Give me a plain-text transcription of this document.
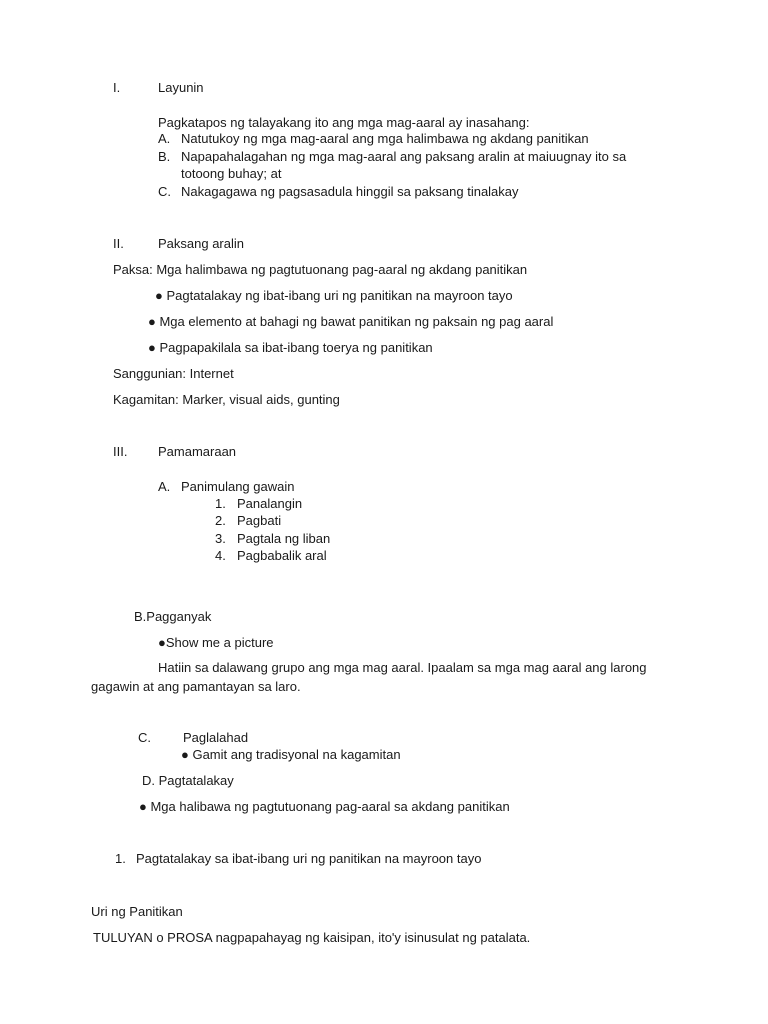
I.	Layunin
Pagkatapos ng talayakang ito ang mga mag-aaral ay inasahang:
A. Natutukoy ng mga mag-aaral ang mga halimbawa ng akdang panitikan
B. Napapahalagahan ng mga mag-aaral ang paksang aralin at maiuugnay ito sa
totoong buhay; at
C. Nakagagawa ng pagsasadula hinggil sa paksang tinalakay
II.	Paksang aralin
Paksa: Mga halimbawa ng pagtutuonang pag-aaral ng akdang panitikan
● Pagtatalakay ng ibat-ibang uri ng panitikan na mayroon tayo
● Mga elemento at bahagi ng bawat panitikan ng paksain ng pag aaral
● Pagpapakilala sa ibat-ibang toerya ng panitikan
Sanggunian: Internet
Kagamitan: Marker, visual aids, gunting
III. Pamamaraan
A. Panimulang gawain
1. Panalangin
2. Pagbati
3. Pagtala ng liban
4. Pagbabalik aral
B.Pagganyak
●Show me a picture
Hatiin sa dalawang grupo ang mga mag aaral. Ipaalam sa mga mag aaral ang larong
gagawin at ang pamantayan sa laro.
C. Paglalahad
● Gamit ang tradisyonal na kagamitan
D. Pagtatalakay
● Mga halibawa ng pagtutuonang pag-aaral sa akdang panitikan
1. Pagtatalakay sa ibat-ibang uri ng panitikan na mayroon tayo
Uri ng Panitikan
TULUYAN o PROSA nagpapahayag ng kaisipan, ito'y isinusulat ng patalata.
